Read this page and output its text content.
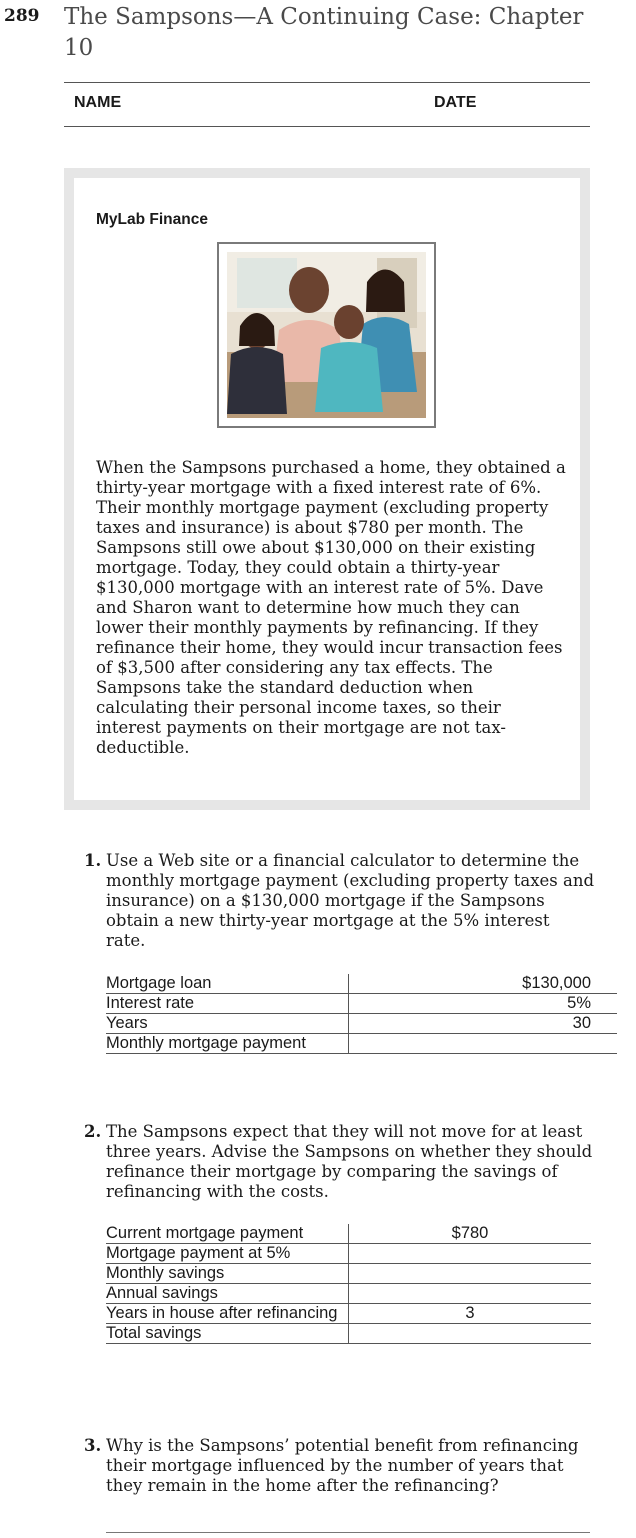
289 The Sampsons—A Continuing Case: Chapter 10
NAME	DATE
MyLab Finance
When the Sampsons purchased a home, they obtained a thirty-year mortgage with a fixed interest rate of 6%. Their monthly mortgage payment (excluding property taxes and insurance) is about $780 per month. The Sampsons still owe about $130,000 on their existing mortgage. Today, they could obtain a thirty-year $130,000 mortgage with an interest rate of 5%. Dave and Sharon want to determine how much they can lower their monthly payments by refinancing. If they refinance their home, they would incur transaction fees of $3,500 after considering any tax effects. The Sampsons take the standard deduction when calculating their personal income taxes, so their interest payments on their mortgage are not tax-deductible.
1. Use a Web site or a financial calculator to determine the monthly mortgage payment (excluding property taxes and insurance) on a $130,000 mortgage if the Sampsons obtain a new thirty-year mortgage at the 5% interest rate.
Mortgage loan	$130,000
Interest rate	5%
Years	30
Monthly mortgage payment	
2. The Sampsons expect that they will not move for at least three years. Advise the Sampsons on whether they should refinance their mortgage by comparing the savings of refinancing with the costs.
Current mortgage payment	$780
Mortgage payment at 5%	
Monthly savings	
Annual savings	
Years in house after refinancing	3
Total savings	
3. Why is the Sampsons’ potential benefit from refinancing their mortgage influenced by the number of years that they remain in the home after the refinancing?
